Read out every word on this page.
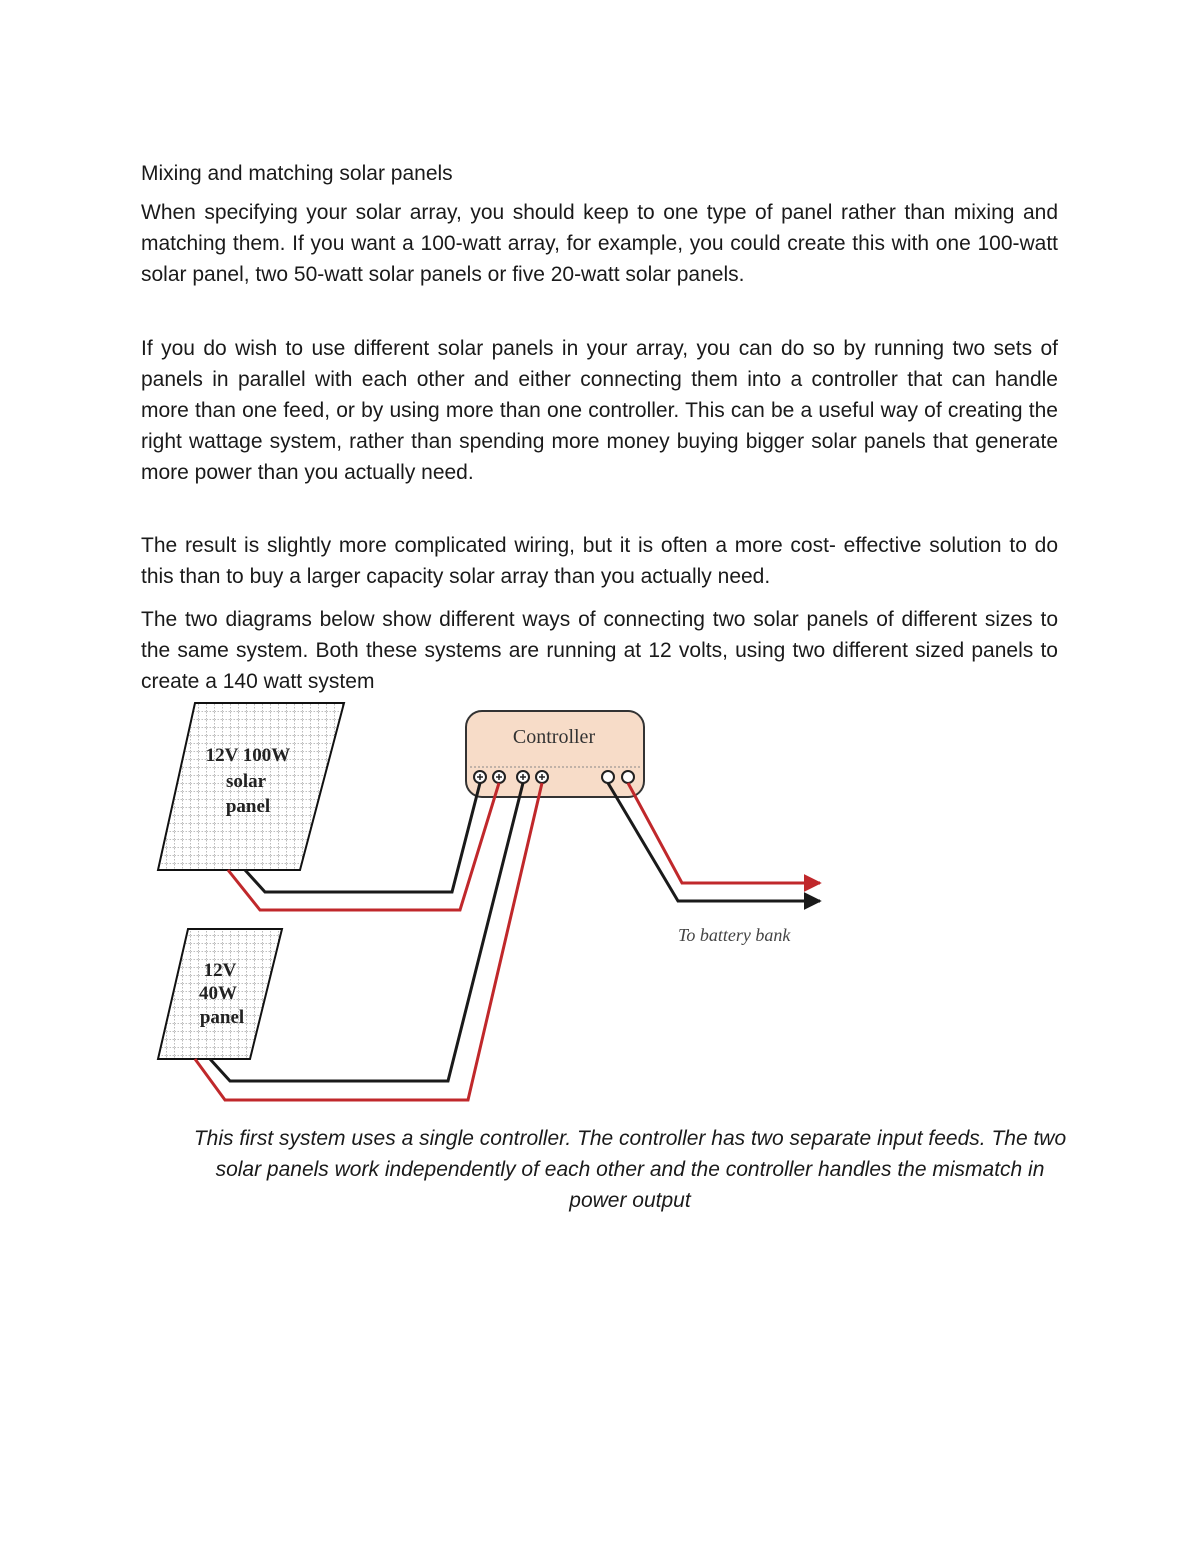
Mixing and matching solar panels

When specifying your solar array, you should keep to one type of panel rather than mixing and matching them. If you want a 100-watt array, for example, you could create this with one 100-watt solar panel, two 50-watt solar panels or five 20-watt solar panels.

If you do wish to use different solar panels in your array, you can do so by running two sets of panels in parallel with each other and either connecting them into a controller that can handle more than one feed, or by using more than one controller. This can be a useful way of creating the right wattage system, rather than spending more money buying bigger solar panels that generate more power than you actually need.

The result is slightly more complicated wiring, but it is often a more cost- effective solution to do this than to buy a larger capacity solar array than you actually need.

The two diagrams below show different ways of connecting two solar panels of different sizes to the same system. Both these systems are running at 12 volts, using two different sized panels to create a 140 watt system

12V 100W
solar
panel
12V
40W
panel
Controller
To battery bank
This first system uses a single controller. The controller has two separate input feeds. The two solar panels work independently of each other and the controller handles the mismatch in power output
